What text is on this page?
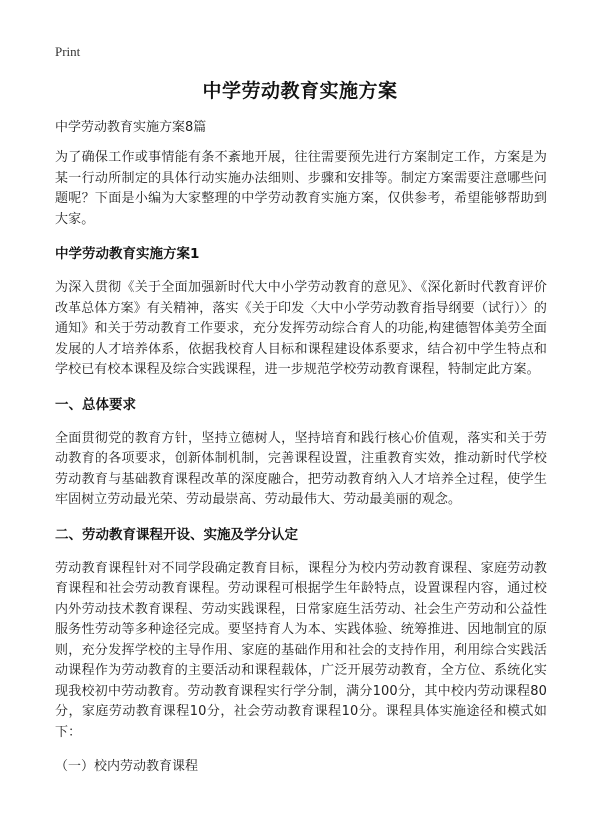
Print
中学劳动教育实施方案

中学劳动教育实施方案8篇

为了确保工作或事情能有条不紊地开展，往往需要预先进行方案制定工作，方案是为某一行动所制定的具体行动实施办法细则、步骤和安排等。制定方案需要注意哪些问题呢？下面是小编为大家整理的中学劳动教育实施方案，仅供参考，希望能够帮助到大家。

中学劳动教育实施方案1

为深入贯彻《关于全面加强新时代大中小学劳动教育的意见》、《深化新时代教育评价改革总体方案》有关精神，落实《关于印发〈大中小学劳动教育指导纲要（试行）〉的通知》和关于劳动教育工作要求，充分发挥劳动综合育人的功能,构建德智体美劳全面发展的人才培养体系，依据我校育人目标和课程建设体系要求，结合初中学生特点和学校已有校本课程及综合实践课程，进一步规范学校劳动教育课程，特制定此方案。

一、总体要求

全面贯彻党的教育方针，坚持立德树人，坚持培育和践行核心价值观，落实和关于劳动教育的各项要求，创新体制机制，完善课程设置，注重教育实效，推动新时代学校劳动教育与基础教育课程改革的深度融合，把劳动教育纳入人才培养全过程，使学生牢固树立劳动最光荣、劳动最崇高、劳动最伟大、劳动最美丽的观念。

二、劳动教育课程开设、实施及学分认定

劳动教育课程针对不同学段确定教育目标，课程分为校内劳动教育课程、家庭劳动教育课程和社会劳动教育课程。劳动课程可根据学生年龄特点，设置课程内容，通过校内外劳动技术教育课程、劳动实践课程，日常家庭生活劳动、社会生产劳动和公益性服务性劳动等多种途径完成。要坚持育人为本、实践体验、统筹推进、因地制宜的原则，充分发挥学校的主导作用、家庭的基础作用和社会的支持作用，利用综合实践活动课程作为劳动教育的主要活动和课程载体，广泛开展劳动教育，全方位、系统化实现我校初中劳动教育。劳动教育课程实行学分制，满分100分，其中校内劳动课程80分，家庭劳动教育课程10分，社会劳动教育课程10分。课程具体实施途径和模式如下：

（一）校内劳动教育课程
